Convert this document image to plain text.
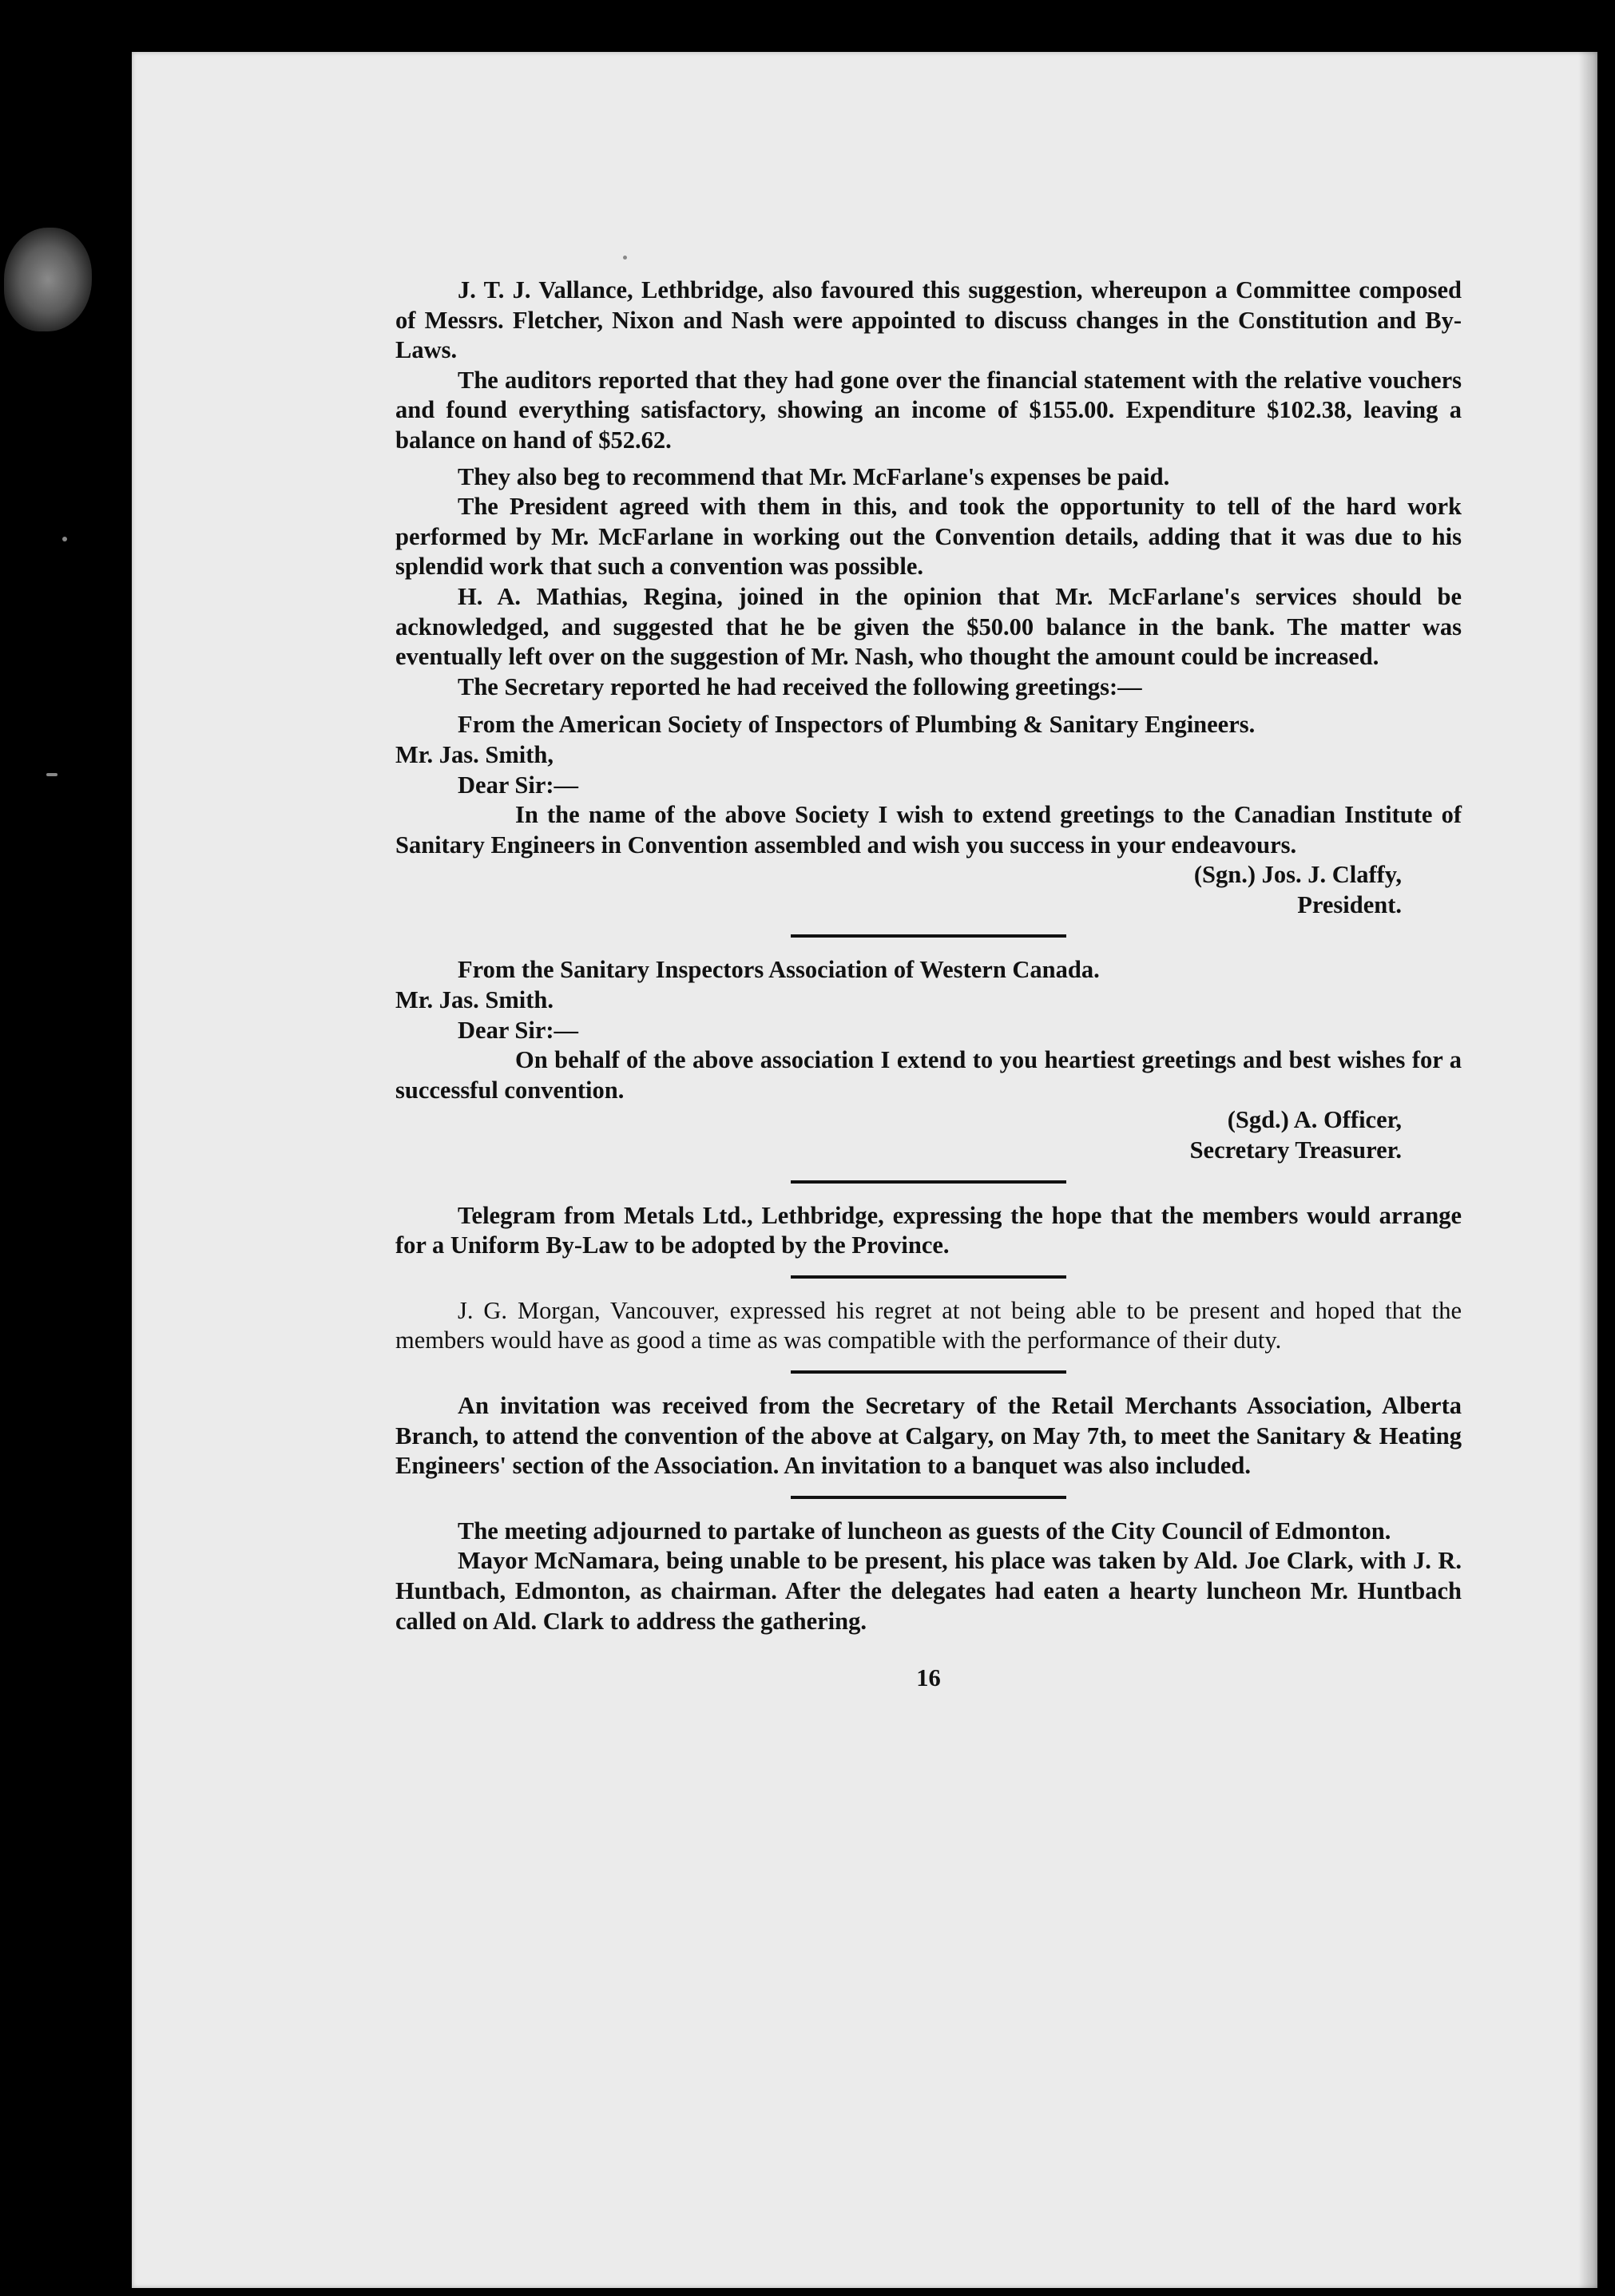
J. T. J. Vallance, Lethbridge, also favoured this suggestion, whereupon a Committee composed of Messrs. Fletcher, Nixon and Nash were appointed to discuss changes in the Constitution and By-Laws.

The auditors reported that they had gone over the financial statement with the relative vouchers and found everything satisfactory, showing an income of $155.00. Expenditure $102.38, leaving a balance on hand of $52.62.

They also beg to recommend that Mr. McFarlane's expenses be paid.

The President agreed with them in this, and took the opportunity to tell of the hard work performed by Mr. McFarlane in working out the Convention details, adding that it was due to his splendid work that such a convention was possible.

H. A. Mathias, Regina, joined in the opinion that Mr. McFarlane's services should be acknowledged, and suggested that he be given the $50.00 balance in the bank. The matter was eventually left over on the suggestion of Mr. Nash, who thought the amount could be increased.

The Secretary reported he had received the following greetings:—

From the American Society of Inspectors of Plumbing & Sanitary Engineers.

Mr. Jas. Smith,
Dear Sir:—

In the name of the above Society I wish to extend greetings to the Canadian Institute of Sanitary Engineers in Convention assembled and wish you success in your endeavours.

(Sgn.) Jos. J. Claffy,
President.

From the Sanitary Inspectors Association of Western Canada.

Mr. Jas. Smith.
Dear Sir:—

On behalf of the above association I extend to you heartiest greetings and best wishes for a successful convention.

(Sgd.) A. Officer,
Secretary Treasurer.

Telegram from Metals Ltd., Lethbridge, expressing the hope that the members would arrange for a Uniform By-Law to be adopted by the Province.

J. G. Morgan, Vancouver, expressed his regret at not being able to be present and hoped that the members would have as good a time as was compatible with the performance of their duty.

An invitation was received from the Secretary of the Retail Merchants Association, Alberta Branch, to attend the convention of the above at Calgary, on May 7th, to meet the Sanitary & Heating Engineers' section of the Association. An invitation to a banquet was also included.

The meeting adjourned to partake of luncheon as guests of the City Council of Edmonton.

Mayor McNamara, being unable to be present, his place was taken by Ald. Joe Clark, with J. R. Huntbach, Edmonton, as chairman. After the delegates had eaten a hearty luncheon Mr. Huntbach called on Ald. Clark to address the gathering.

16
